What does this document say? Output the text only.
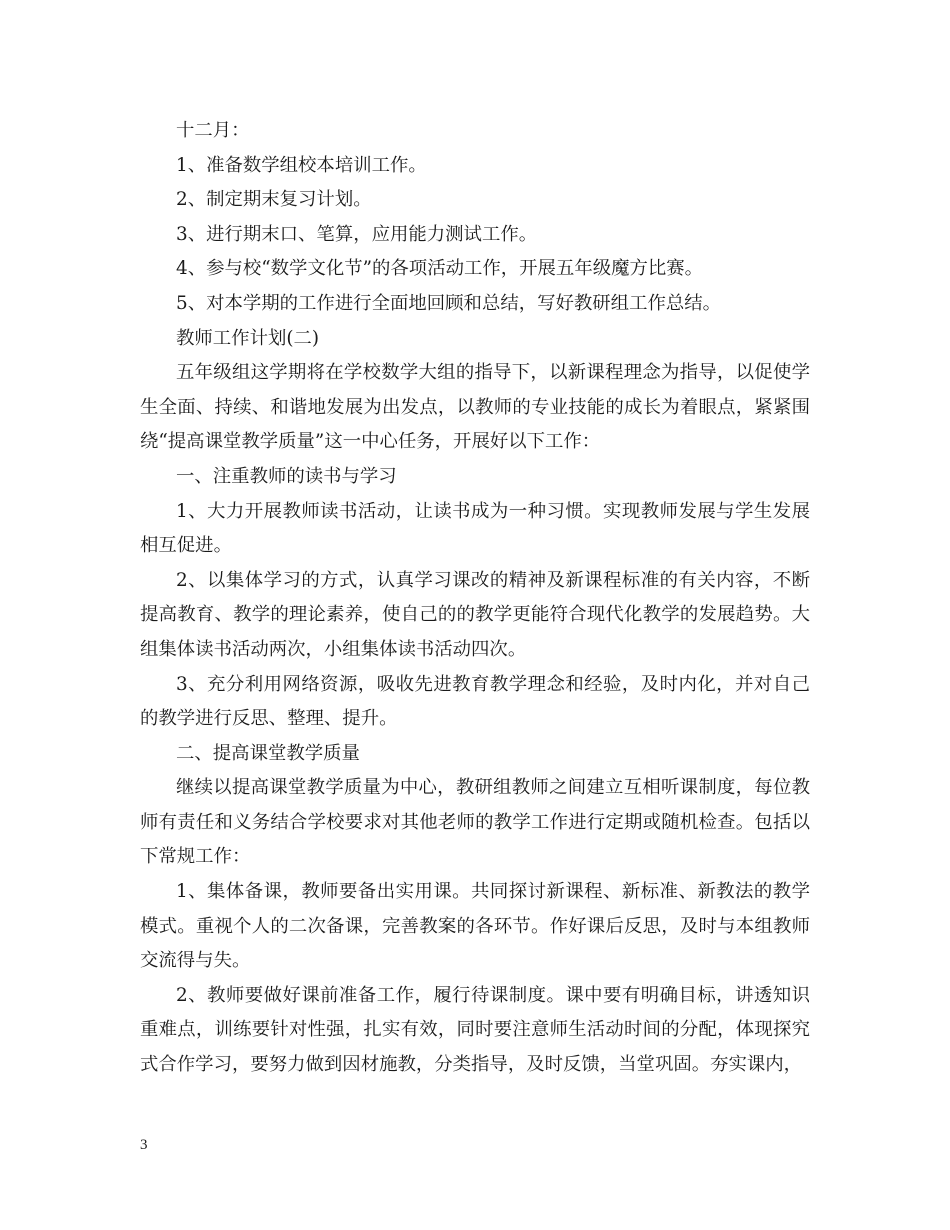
十二月：

1、准备数学组校本培训工作。

2、制定期末复习计划。

3、进行期末口、笔算，应用能力测试工作。

4、参与校“数学文化节”的各项活动工作，开展五年级魔方比赛。

5、对本学期的工作进行全面地回顾和总结，写好教研组工作总结。

教师工作计划(二)

五年级组这学期将在学校数学大组的指导下，以新课程理念为指导，以促使学生全面、持续、和谐地发展为出发点，以教师的专业技能的成长为着眼点，紧紧围绕“提高课堂教学质量”这一中心任务，开展好以下工作：

一、注重教师的读书与学习

1、大力开展教师读书活动，让读书成为一种习惯。实现教师发展与学生发展相互促进。

2、以集体学习的方式，认真学习课改的精神及新课程标准的有关内容，不断提高教育、教学的理论素养，使自己的的教学更能符合现代化教学的发展趋势。大组集体读书活动两次，小组集体读书活动四次。

3、充分利用网络资源，吸收先进教育教学理念和经验，及时内化，并对自己的教学进行反思、整理、提升。

二、提高课堂教学质量

继续以提高课堂教学质量为中心，教研组教师之间建立互相听课制度，每位教师有责任和义务结合学校要求对其他老师的教学工作进行定期或随机检查。包括以下常规工作：

1、集体备课，教师要备出实用课。共同探讨新课程、新标准、新教法的教学模式。重视个人的二次备课，完善教案的各环节。作好课后反思，及时与本组教师交流得与失。

2、教师要做好课前准备工作，履行待课制度。课中要有明确目标，讲透知识重难点，训练要针对性强，扎实有效，同时要注意师生活动时间的分配，体现探究式合作学习，要努力做到因材施教，分类指导，及时反馈，当堂巩固。夯实课内，

3
